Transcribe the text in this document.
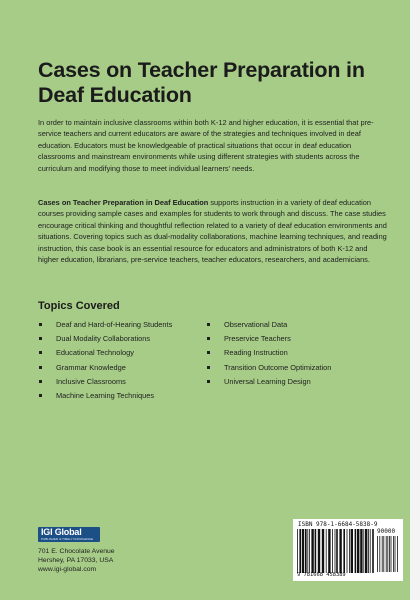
Cases on Teacher Preparation in
Deaf Education

In order to maintain inclusive classrooms within both K-12 and higher education, it is essential that pre-service teachers and current educators are aware of the strategies and techniques involved in deaf education. Educators must be knowledgeable of practical situations that occur in deaf education classrooms and mainstream environments while using different strategies with students across the curriculum and modifying those to meet individual learners' needs.

Cases on Teacher Preparation in Deaf Education supports instruction in a variety of deaf education courses providing sample cases and examples for students to work through and discuss. The case studies encourage critical thinking and thoughtful reflection related to a variety of deaf education environments and situations. Covering topics such as dual-modality collaborations, machine learning techniques, and reading instruction, this case book is an essential resource for educators and administrators of both K-12 and higher education, librarians, pre-service teachers, teacher educators, researchers, and academicians.

Topics Covered
Deaf and Hard-of-Hearing Students
Dual Modality Collaborations
Educational Technology
Grammar Knowledge
Inclusive Classrooms
Machine Learning Techniques
Observational Data
Preservice Teachers
Reading Instruction
Transition Outcome Optimization
Universal Learning Design
IGI Global
PUBLISHER of TIMELY KNOWLEDGE

701 E. Chocolate Avenue

Hershey, PA 17033, USA

www.igi-global.com

ISBN 978-1-6684-5838-9
90000
9 781668 458389
